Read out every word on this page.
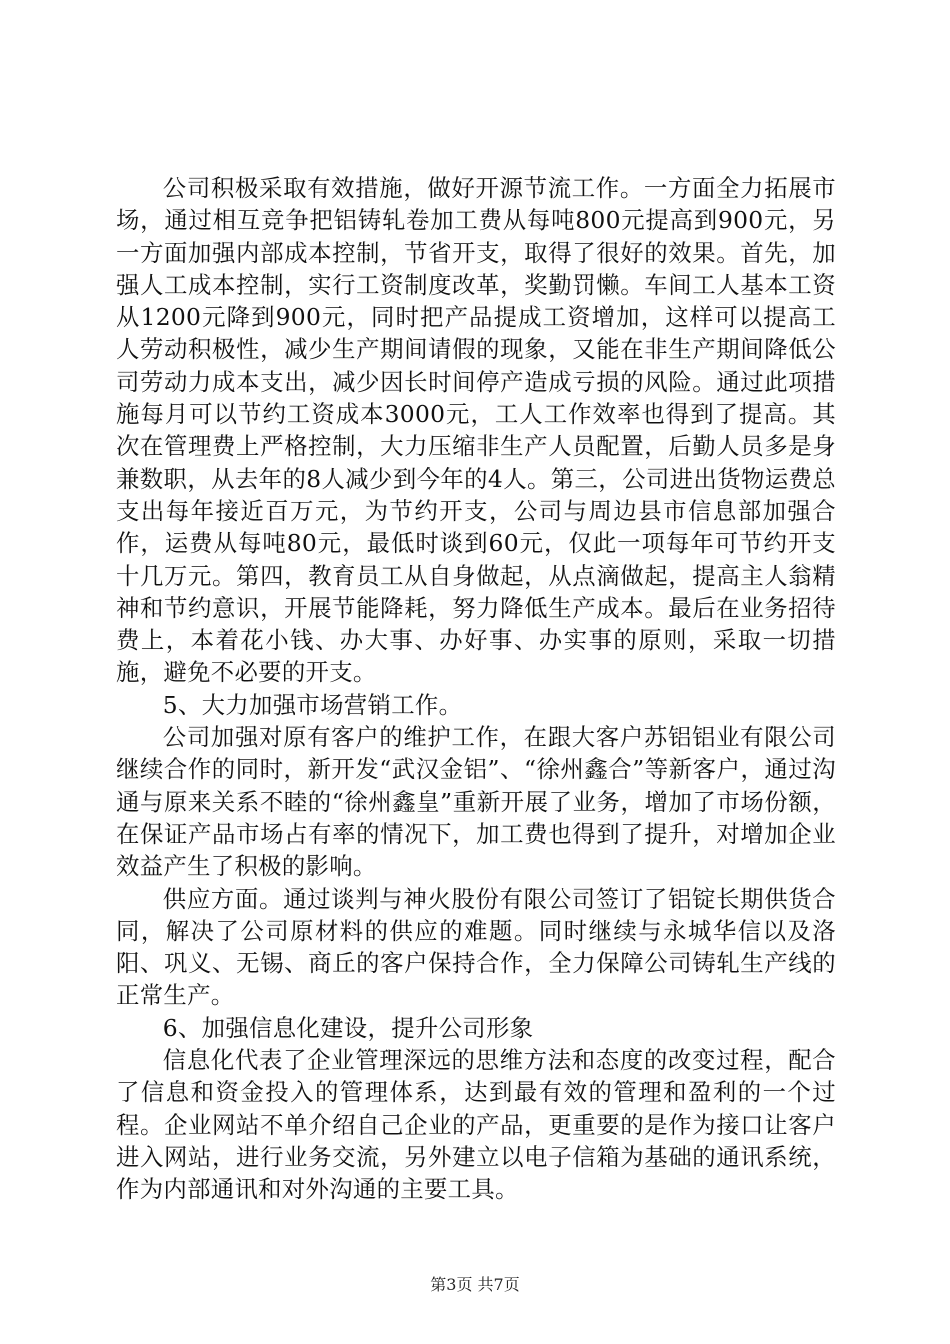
公司积极采取有效措施，做好开源节流工作。一方面全力拓展市场，通过相互竞争把铝铸轧卷加工费从每吨800元提高到900元，另一方面加强内部成本控制，节省开支，取得了很好的效果。首先，加强人工成本控制，实行工资制度改革，奖勤罚懒。车间工人基本工资从1200元降到900元，同时把产品提成工资增加，这样可以提高工人劳动积极性，减少生产期间请假的现象，又能在非生产期间降低公司劳动力成本支出，减少因长时间停产造成亏损的风险。通过此项措施每月可以节约工资成本3000元，工人工作效率也得到了提高。其次在管理费上严格控制，大力压缩非生产人员配置，后勤人员多是身兼数职，从去年的8人减少到今年的4人。第三，公司进出货物运费总支出每年接近百万元，为节约开支，公司与周边县市信息部加强合作，运费从每吨80元，最低时谈到60元，仅此一项每年可节约开支十几万元。第四，教育员工从自身做起，从点滴做起，提高主人翁精神和节约意识，开展节能降耗，努力降低生产成本。最后在业务招待费上，本着花小钱、办大事、办好事、办实事的原则，采取一切措施，避免不必要的开支。

5、大力加强市场营销工作。

公司加强对原有客户的维护工作，在跟大客户苏铝铝业有限公司继续合作的同时，新开发“武汉金铝”、“徐州鑫合”等新客户，通过沟通与原来关系不睦的“徐州鑫皇”重新开展了业务，增加了市场份额，在保证产品市场占有率的情况下，加工费也得到了提升，对增加企业效益产生了积极的影响。

供应方面。通过谈判与神火股份有限公司签订了铝锭长期供货合同，解决了公司原材料的供应的难题。同时继续与永城华信以及洛阳、巩义、无锡、商丘的客户保持合作，全力保障公司铸轧生产线的正常生产。

6、加强信息化建设，提升公司形象

信息化代表了企业管理深远的思维方法和态度的改变过程，配合了信息和资金投入的管理体系，达到最有效的管理和盈利的一个过程。企业网站不单介绍自己企业的产品，更重要的是作为接口让客户进入网站，进行业务交流，另外建立以电子信箱为基础的通讯系统，作为内部通讯和对外沟通的主要工具。

第3页 共7页
